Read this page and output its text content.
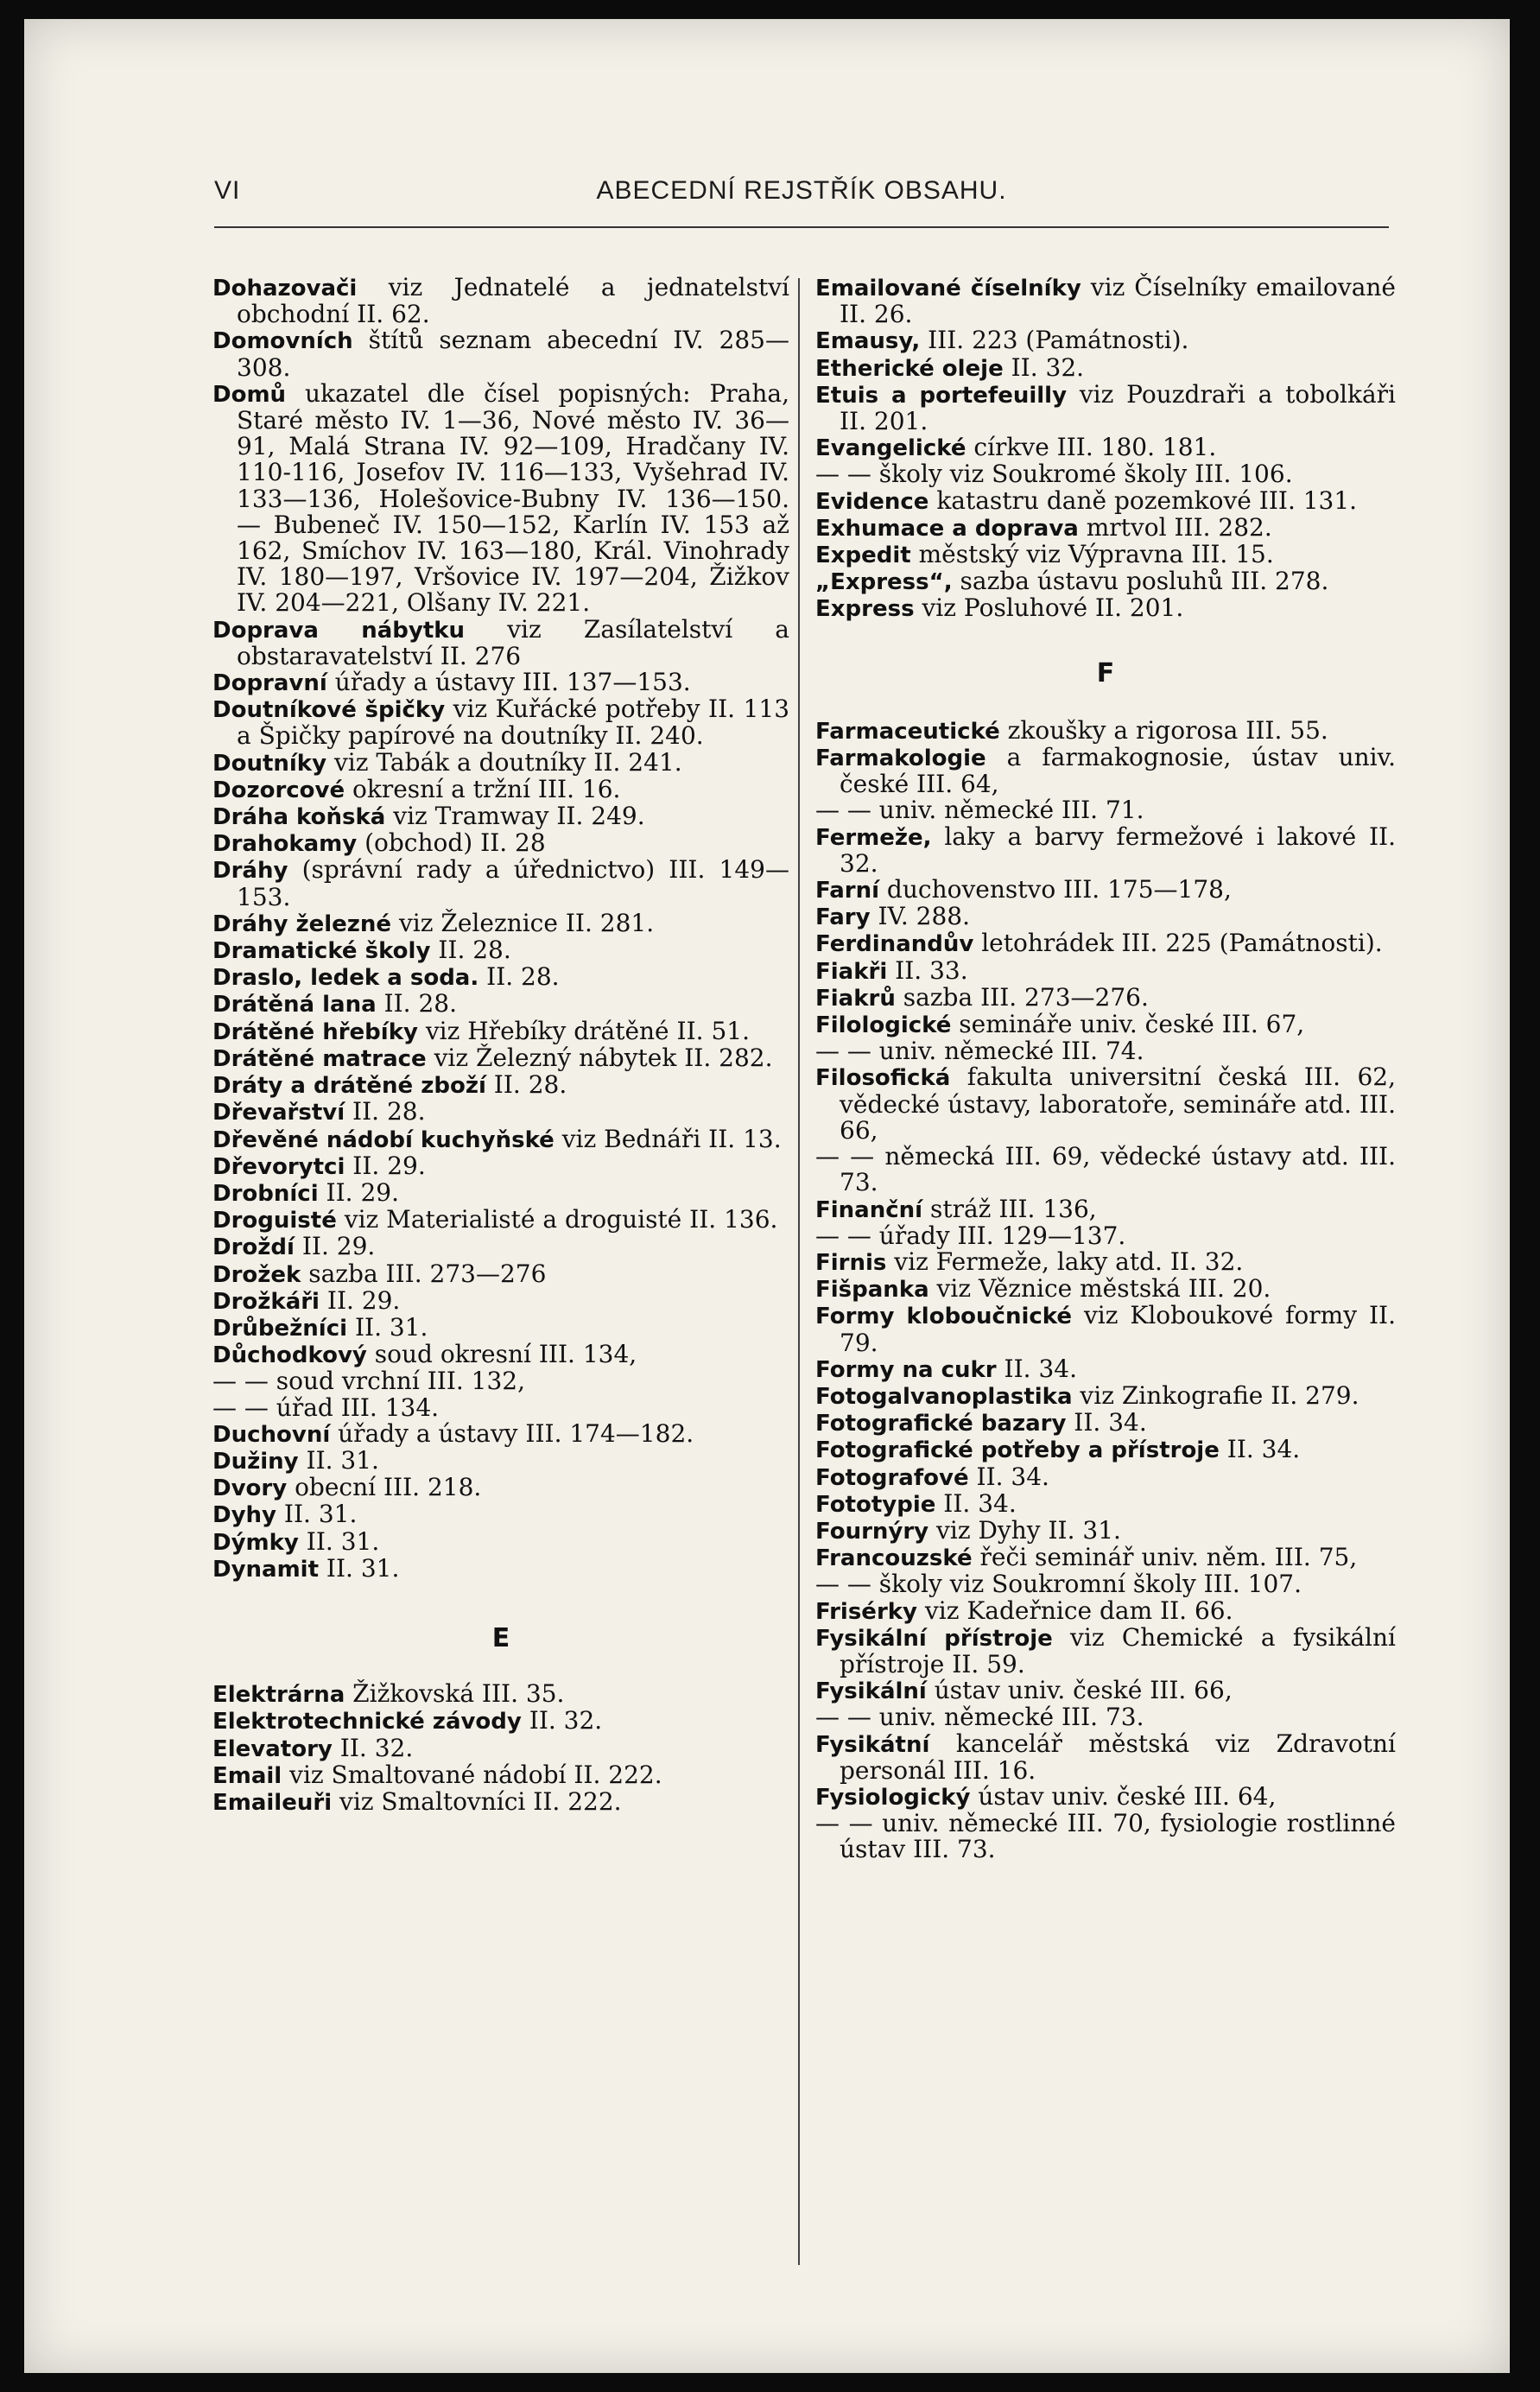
VI	ABECEDNÍ REJSTŘÍK OBSAHU.
Dohazovači viz Jednatelé a jednatelství obchodní II. 62.
Domovních štítů seznam abecední IV. 285—308.
Domů ukazatel dle čísel popisných: Praha, Staré město IV. 1—36, Nové město IV. 36—91, Malá Strana IV. 92—109, Hradčany IV. 110-116, Josefov IV. 116—133, Vyšehrad IV. 133—136, Holešovice-Bubny IV. 136—150. — Bubeneč IV. 150—152, Karlín IV. 153 až 162, Smíchov IV. 163—180, Král. Vinohrady IV. 180—197, Vršovice IV. 197—204, Žižkov IV. 204—221, Olšany IV. 221.
Doprava nábytku viz Zasílatelství a obstaravatelství II. 276
Dopravní úřady a ústavy III. 137—153.
Doutníkové špičky viz Kuřácké potřeby II. 113 a Špičky papírové na doutníky II. 240.
Doutníky viz Tabák a doutníky II. 241.
Dozorcové okresní a tržní III. 16.
Dráha koňská viz Tramway II. 249.
Drahokamy (obchod) II. 28
Dráhy (správní rady a úřednictvo) III. 149—153.
Dráhy železné viz Železnice II. 281.
Dramatické školy II. 28.
Draslo, ledek a soda. II. 28.
Drátěná lana II. 28.
Drátěné hřebíky viz Hřebíky drátěné II. 51.
Drátěné matrace viz Železný nábytek II. 282.
Dráty a drátěné zboží II. 28.
Dřevařství II. 28.
Dřevěné nádobí kuchyňské viz Bednáři II. 13.
Dřevorytci II. 29.
Drobníci II. 29.
Droguisté viz Materialisté a droguisté II. 136.
Droždí II. 29.
Drožek sazba III. 273—276
Drožkáři II. 29.
Drůbežníci II. 31.
Důchodkový soud okresní III. 134,
— — soud vrchní III. 132,
— — úřad III. 134.
Duchovní úřady a ústavy III. 174—182.
Dužiny II. 31.
Dvory obecní III. 218.
Dyhy II. 31.
Dýmky II. 31.
Dynamit II. 31.
E
Elektrárna Žižkovská III. 35.
Elektrotechnické závody II. 32.
Elevatory II. 32.
Email viz Smaltované nádobí II. 222.
Emaileuři viz Smaltovníci II. 222.
Emailované číselníky viz Číselníky emailované II. 26.
Emausy, III. 223 (Památnosti).
Etherické oleje II. 32.
Etuis a portefeuilly viz Pouzdraři a tobolkáři II. 201.
Evangelické církve III. 180. 181.
— — školy viz Soukromé školy III. 106.
Evidence katastru daně pozemkové III. 131.
Exhumace a doprava mrtvol III. 282.
Expedit městský viz Výpravna III. 15.
„Express“, sazba ústavu posluhů III. 278.
Express viz Posluhové II. 201.
F
Farmaceutické zkoušky a rigorosa III. 55.
Farmakologie a farmakognosie, ústav univ. české III. 64,
— — univ. německé III. 71.
Fermeže, laky a barvy fermežové i lakové II. 32.
Farní duchovenstvo III. 175—178,
Fary IV. 288.
Ferdinandův letohrádek III. 225 (Památnosti).
Fiakři II. 33.
Fiakrů sazba III. 273—276.
Filologické semináře univ. české III. 67,
— — univ. německé III. 74.
Filosofická fakulta universitní česká III. 62, vědecké ústavy, laboratoře, semináře atd. III. 66,
— — německá III. 69, vědecké ústavy atd. III. 73.
Finanční stráž III. 136,
— — úřady III. 129—137.
Firnis viz Fermeže, laky atd. II. 32.
Fišpanka viz Věznice městská III. 20.
Formy kloboučnické viz Kloboukové formy II. 79.
Formy na cukr II. 34.
Fotogalvanoplastika viz Zinkografie II. 279.
Fotografické bazary II. 34.
Fotografické potřeby a přístroje II. 34.
Fotografové II. 34.
Fototypie II. 34.
Fournýry viz Dyhy II. 31.
Francouzské řeči seminář univ. něm. III. 75,
— — školy viz Soukromní školy III. 107.
Frisérky viz Kadeřnice dam II. 66.
Fysikální přístroje viz Chemické a fysikální přístroje II. 59.
Fysikální ústav univ. české III. 66,
— — univ. německé III. 73.
Fysikátní kancelář městská viz Zdravotní personál III. 16.
Fysiologický ústav univ. české III. 64,
— — univ. německé III. 70, fysiologie rostlinné ústav III. 73.
